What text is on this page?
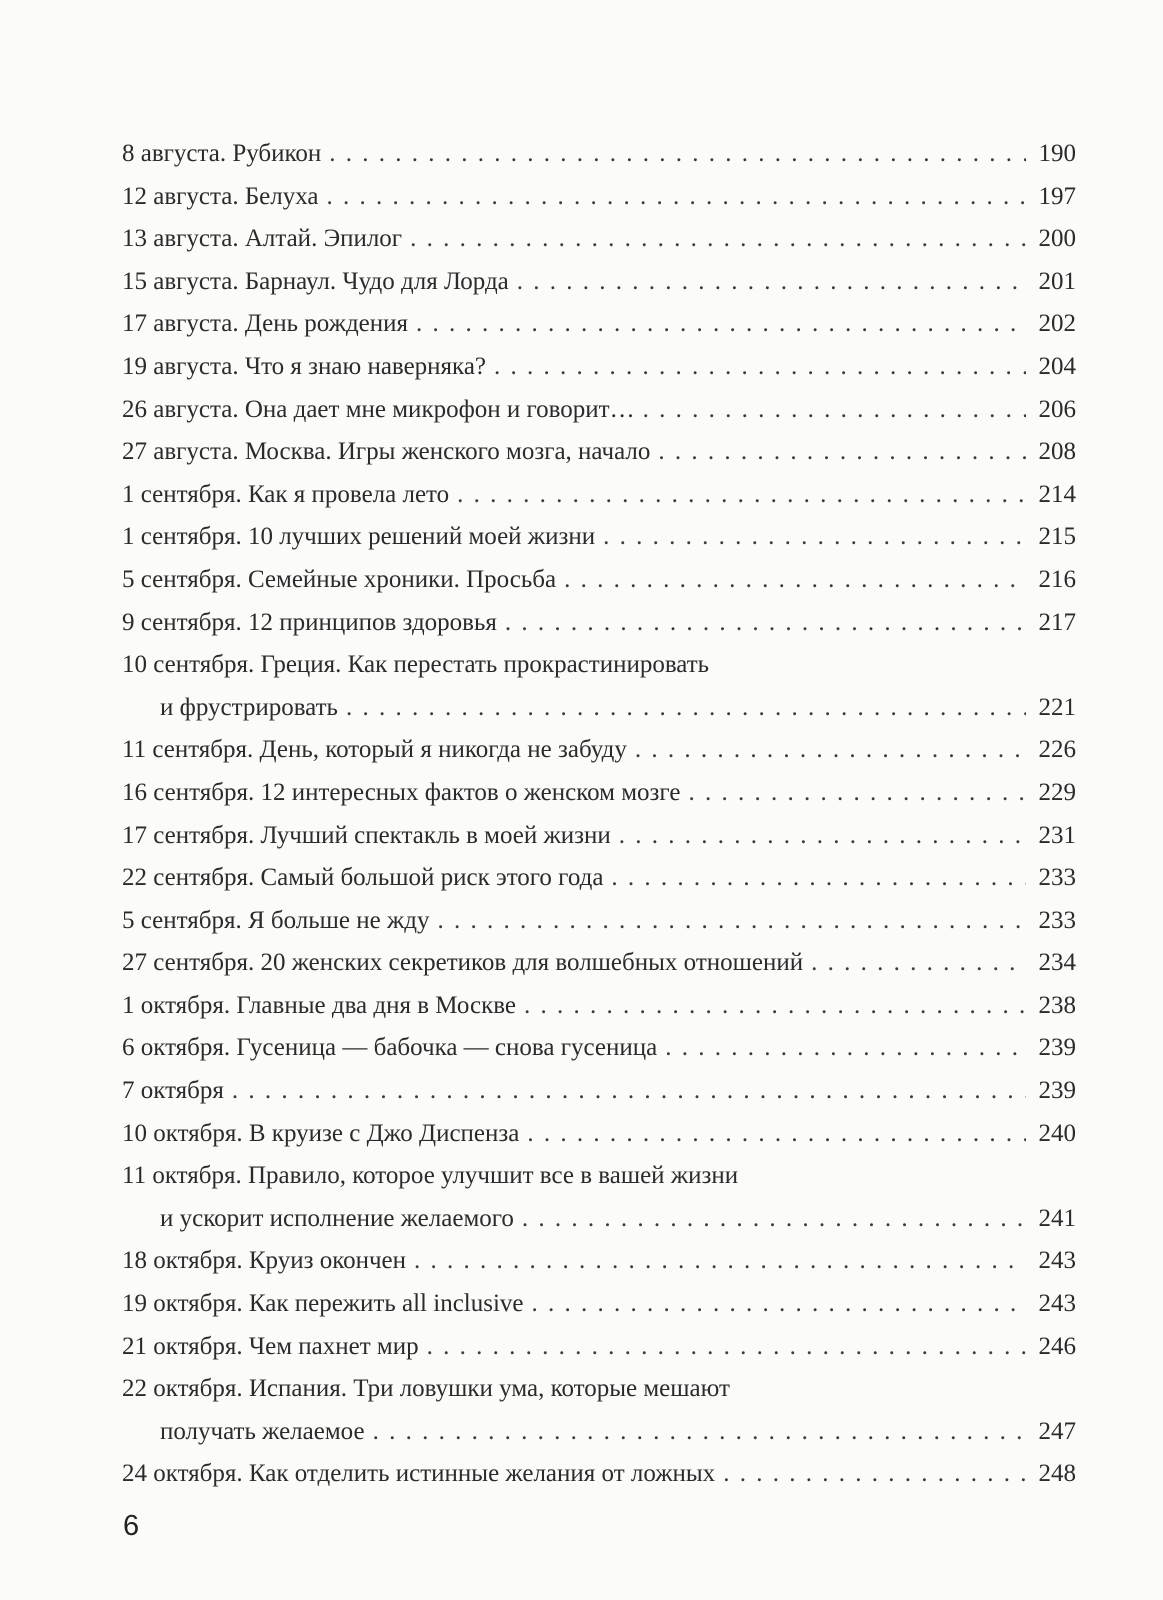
8 августа. Рубикон . . .	190
12 августа. Белуха . . .	197
13 августа. Алтай. Эпилог . . .	200
15 августа. Барнаул. Чудо для Лорда . . .	201
17 августа. День рождения . . .	202
19 августа. Что я знаю наверняка? . . .	204
26 августа. Она дает мне микрофон и говорит… . . .	206
27 августа. Москва. Игры женского мозга, начало . . .	208
1 сентября. Как я провела лето . . .	214
1 сентября. 10 лучших решений моей жизни . . .	215
5 сентября. Семейные хроники. Просьба . . .	216
9 сентября. 12 принципов здоровья . . .	217
10 сентября. Греция. Как перестать прокрастинировать
и фрустрировать . . .	221
11 сентября. День, который я никогда не забуду . . .	226
16 сентября. 12 интересных фактов о женском мозге . . .	229
17 сентября. Лучший спектакль в моей жизни . . .	231
22 сентября. Самый большой риск этого года . . .	233
5 сентября. Я больше не жду . . .	233
27 сентября. 20 женских секретиков для волшебных отношений . . .	234
1 октября. Главные два дня в Москве . . .	238
6 октября. Гусеница — бабочка — снова гусеница . . .	239
7 октября . . .	239
10 октября. В круизе с Джо Диспенза . . .	240
11 октября. Правило, которое улучшит все в вашей жизни
и ускорит исполнение желаемого . . .	241
18 октября. Круиз окончен . . .	243
19 октября. Как пережить all inclusive . . .	243
21 октября. Чем пахнет мир . . .	246
22 октября. Испания. Три ловушки ума, которые мешают
получать желаемое . . .	247
24 октября. Как отделить истинные желания от ложных . . .	248
6
